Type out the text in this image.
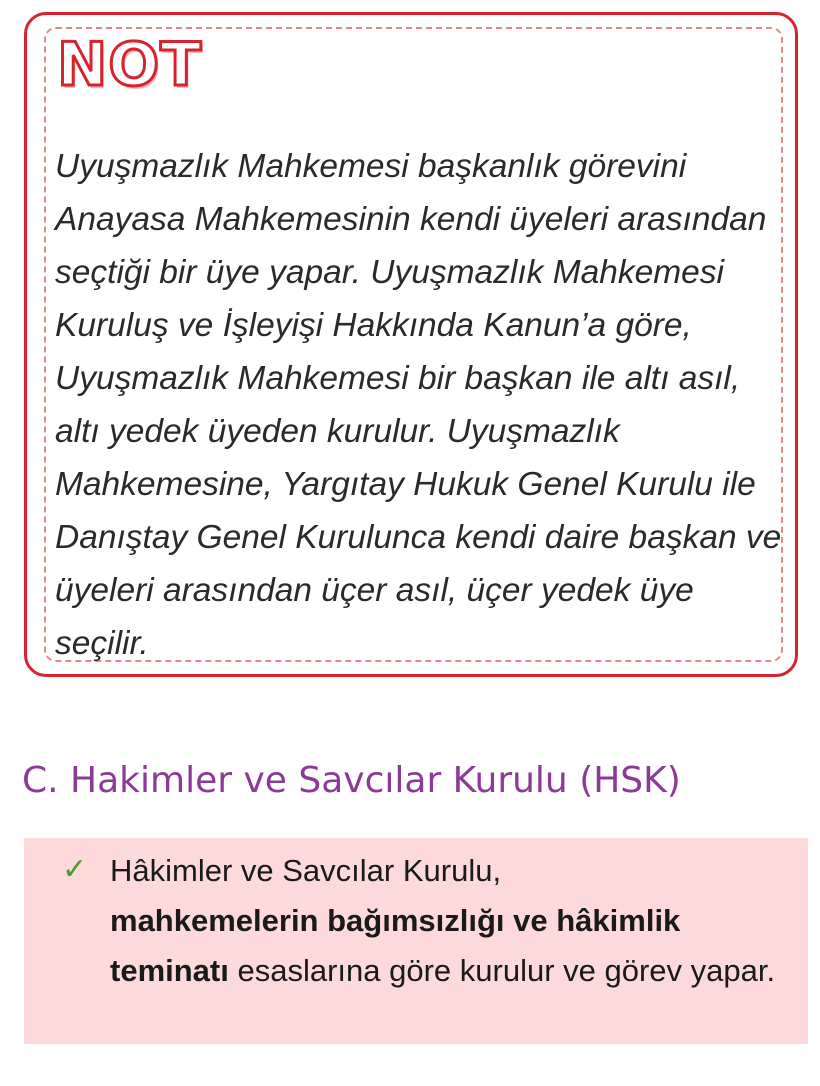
NOT

Uyuşmazlık Mahkemesi başkanlık görevini Anayasa Mahkemesinin kendi üyeleri arasından seçtiği bir üye yapar. Uyuşmazlık Mahkemesi Kuruluş ve İşleyişi Hakkında Kanun’a göre, Uyuşmazlık Mahkemesi bir başkan ile altı asıl, altı yedek üyeden kurulur. Uyuşmazlık Mahkemesine, Yargıtay Hukuk Genel Kurulu ile Danıştay Genel Kurulunca kendi daire başkan ve üyeleri arasından üçer asıl, üçer yedek üye seçilir.

C. Hakimler ve Savcılar Kurulu (HSK)
✓ Hâkimler ve Savcılar Kurulu,
mahkemelerin bağımsızlığı ve hâkimlik teminatı esaslarına göre kurulur ve görev yapar.
